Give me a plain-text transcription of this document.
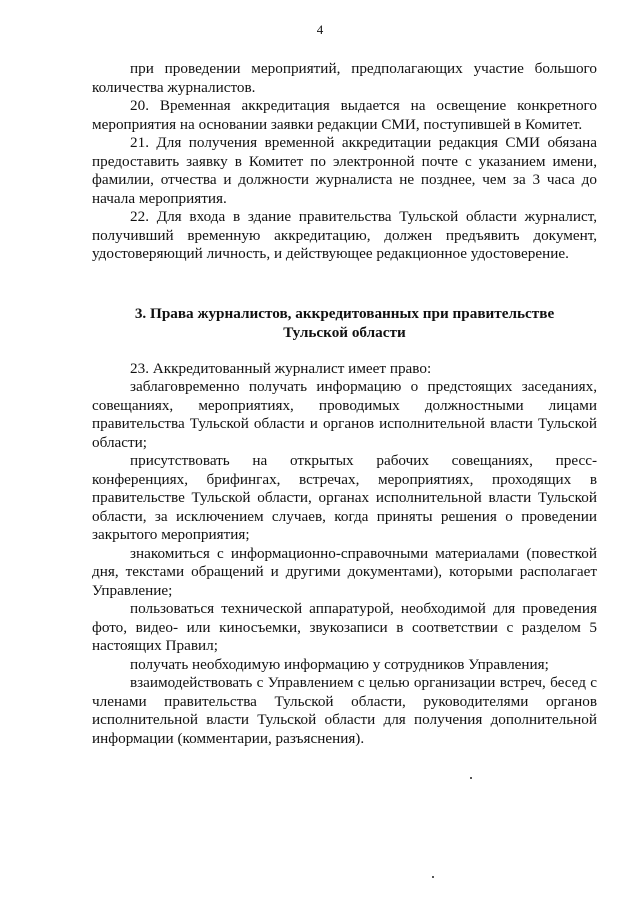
4
при проведении мероприятий, предполагающих участие большого
количества журналистов.
20. Временная аккредитация выдается на освещение конкретного
мероприятия на основании заявки редакции СМИ, поступившей в Комитет.
21. Для получения временной аккредитации редакция СМИ обязана
предоставить заявку в Комитет по электронной почте с указанием имени,
фамилии, отчества и должности журналиста не позднее, чем за 3 часа до
начала мероприятия.
22. Для входа в здание правительства Тульской области журналист,
получивший временную аккредитацию, должен предъявить документ,
удостоверяющий личность, и действующее редакционное удостоверение.
3. Права журналистов, аккредитованных при правительстве
Тульской области
23. Аккредитованный журналист имеет право:
заблаговременно получать информацию о предстоящих заседаниях,
совещаниях, мероприятиях, проводимых должностными лицами
правительства Тульской области и органов исполнительной власти Тульской
области;
присутствовать на открытых рабочих совещаниях, пресс-
конференциях, брифингах, встречах, мероприятиях, проходящих в
правительстве Тульской области, органах исполнительной власти Тульской
области, за исключением случаев, когда приняты решения о проведении
закрытого мероприятия;
знакомиться с информационно-справочными материалами (повесткой
дня, текстами обращений и другими документами), которыми располагает
Управление;
пользоваться технической аппаратурой, необходимой для проведения
фото, видео- или киносъемки, звукозаписи в соответствии с разделом 5
настоящих Правил;
получать необходимую информацию у сотрудников Управления;
взаимодействовать с Управлением с целью организации встреч, бесед с
членами правительства Тульской области, руководителями органов
исполнительной власти Тульской области для получения дополнительной
информации (комментарии, разъяснения).
